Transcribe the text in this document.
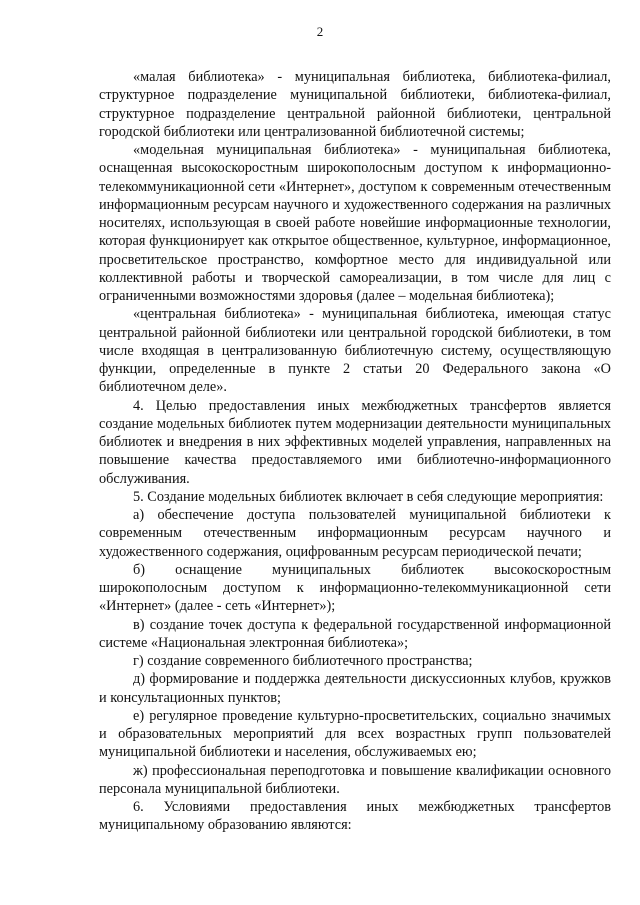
2

«малая библиотека» - муниципальная библиотека, библиотека-филиал, структурное подразделение муниципальной библиотеки, библиотека-филиал, структурное подразделение центральной районной библиотеки, центральной городской библиотеки или централизованной библиотечной системы;

«модельная муниципальная библиотека» - муниципальная библиотека, оснащенная высокоскоростным широкополосным доступом к информационно-телекоммуникационной сети «Интернет», доступом к современным отечественным информационным ресурсам научного и художественного содержания на различных носителях, использующая в своей работе новейшие информационные технологии, которая функционирует как открытое общественное, культурное, информационное, просветительское пространство, комфортное место для индивидуальной или коллективной работы и творческой самореализации, в том числе для лиц с ограниченными возможностями здоровья (далее – модельная библиотека);

«центральная библиотека» - муниципальная библиотека, имеющая статус центральной районной библиотеки или центральной городской библиотеки, в том числе входящая в централизованную библиотечную систему, осуществляющую функции, определенные в пункте 2 статьи 20 Федерального закона «О библиотечном деле».

4. Целью предоставления иных межбюджетных трансфертов является создание модельных библиотек путем модернизации деятельности муниципальных библиотек и внедрения в них эффективных моделей управления, направленных на повышение качества предоставляемого ими библиотечно-информационного обслуживания.

5. Создание модельных библиотек включает в себя следующие мероприятия:

а) обеспечение доступа пользователей муниципальной библиотеки к современным отечественным информационным ресурсам научного и художественного содержания, оцифрованным ресурсам периодической печати;

б) оснащение муниципальных библиотек высокоскоростным широкополосным доступом к информационно-телекоммуникационной сети «Интернет» (далее - сеть «Интернет»);

в) создание точек доступа к федеральной государственной информационной системе «Национальная электронная библиотека»;

г) создание современного библиотечного пространства;

д) формирование и поддержка деятельности дискуссионных клубов, кружков и консультационных пунктов;

е) регулярное проведение культурно-просветительских, социально значимых и образовательных мероприятий для всех возрастных групп пользователей муниципальной библиотеки и населения, обслуживаемых ею;

ж) профессиональная переподготовка и повышение квалификации основного персонала муниципальной библиотеки.

6. Условиями предоставления иных межбюджетных трансфертов муниципальному образованию являются:
